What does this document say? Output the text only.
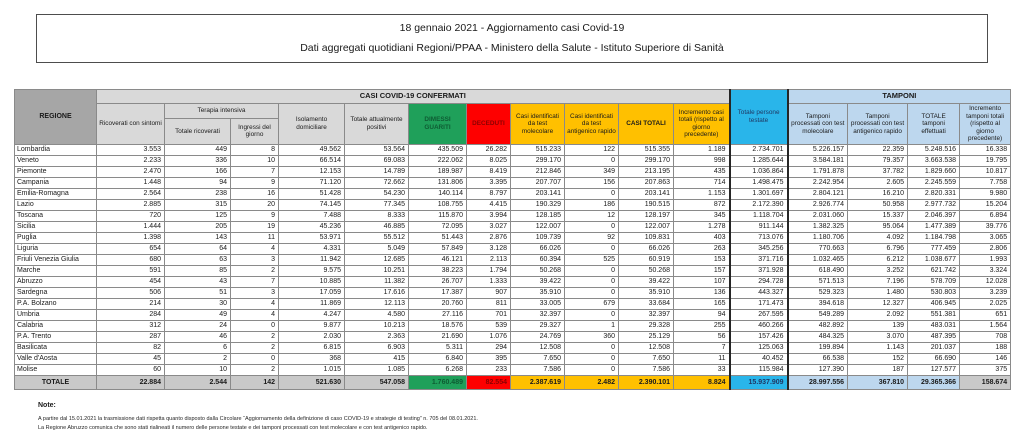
18 gennaio 2021 - Aggiornamento casi Covid-19
Dati aggregati quotidiani Regioni/PPAA - Ministero della Salute - Istituto Superiore di Sanità
REGIONE	CASI COVID-19 CONFERMATI											Totale persone testate	TAMPONI			
	Ricoverati con sintomi	Terapia intensiva		Isolamento domiciliare	Totale attualmente positivi	DIMESSI GUARITI	DECEDUTI	Casi identificati da test molecolare	Casi identificati da test antigenico rapido	CASI TOTALI	Incremento casi totali (rispetto al giorno precedente)		Tamponi processati con test molecolare	Tamponi processati con test antigenico rapido	TOTALE tamponi effettuati	Incremento tamponi totali (rispetto al giorno precedente)
		Totale ricoverati	Ingressi del giorno													
Lombardia	3.553	449	8	49.562	53.564	435.509	26.282	515.233	122	515.355	1.189	2.734.701	5.226.157	22.359	5.248.516	16.338
Veneto	2.233	336	10	66.514	69.083	222.062	8.025	299.170	0	299.170	998	1.285.644	3.584.181	79.357	3.663.538	19.795
Piemonte	2.470	166	7	12.153	14.789	189.987	8.419	212.846	349	213.195	435	1.036.864	1.791.878	37.782	1.829.660	10.817
Campania	1.448	94	9	71.120	72.662	131.806	3.395	207.707	156	207.863	714	1.498.475	2.242.954	2.605	2.245.559	7.758
Emilia-Romagna	2.564	238	16	51.428	54.230	140.114	8.797	203.141	0	203.141	1.153	1.301.697	2.804.121	16.210	2.820.331	9.980
Lazio	2.885	315	20	74.145	77.345	108.755	4.415	190.329	186	190.515	872	2.172.390	2.926.774	50.958	2.977.732	15.204
Toscana	720	125	9	7.488	8.333	115.870	3.994	128.185	12	128.197	345	1.118.704	2.031.060	15.337	2.046.397	6.894
Sicilia	1.444	205	19	45.236	46.885	72.095	3.027	122.007	0	122.007	1.278	911.144	1.382.325	95.064	1.477.389	39.776
Puglia	1.398	143	11	53.971	55.512	51.443	2.876	109.739	92	109.831	403	713.076	1.180.706	4.092	1.184.798	3.065
Liguria	654	64	4	4.331	5.049	57.849	3.128	66.026	0	66.026	263	345.256	770.663	6.796	777.459	2.806
Friuli Venezia Giulia	680	63	3	11.942	12.685	46.121	2.113	60.394	525	60.919	153	371.716	1.032.465	6.212	1.038.677	1.993
Marche	591	85	2	9.575	10.251	38.223	1.794	50.268	0	50.268	157	371.928	618.490	3.252	621.742	3.324
Abruzzo	454	43	7	10.885	11.382	26.707	1.333	39.422	0	39.422	107	294.728	571.513	7.196	578.709	12.028
Sardegna	506	51	3	17.059	17.616	17.387	907	35.910	0	35.910	136	443.327	529.323	1.480	530.803	3.239
P.A. Bolzano	214	30	4	11.869	12.113	20.760	811	33.005	679	33.684	165	171.473	394.618	12.327	406.945	2.025
Umbria	284	49	4	4.247	4.580	27.116	701	32.397	0	32.397	94	267.595	549.289	2.092	551.381	651
Calabria	312	24	0	9.877	10.213	18.576	539	29.327	1	29.328	255	460.266	482.892	139	483.031	1.564
P.A. Trento	287	46	2	2.030	2.363	21.690	1.076	24.769	360	25.129	56	157.426	484.325	3.070	487.395	708
Basilicata	82	6	2	6.815	6.903	5.311	294	12.508	0	12.508	7	125.063	199.894	1.143	201.037	188
Valle d'Aosta	45	2	0	368	415	6.840	395	7.650	0	7.650	11	40.452	66.538	152	66.690	146
Molise	60	10	2	1.015	1.085	6.268	233	7.586	0	7.586	33	115.984	127.390	187	127.577	375
TOTALE	22.884	2.544	142	521.630	547.058	1.760.489	82.554	2.387.619	2.482	2.390.101	8.824	15.937.909	28.997.556	367.810	29.365.366	158.674
Note:
A partire dal 15.01.2021 la trasmissione dati rispetta quanto disposto dalla Circolare “Aggiornamento della definizione di caso COVID-19 e strategie di testing” n. 705 del 08.01.2021.
La Regione Abruzzo comunica che sono stati rialineati il numero delle persone testate e dei tamponi processati con test molecolare e con test antigenico rapido.
